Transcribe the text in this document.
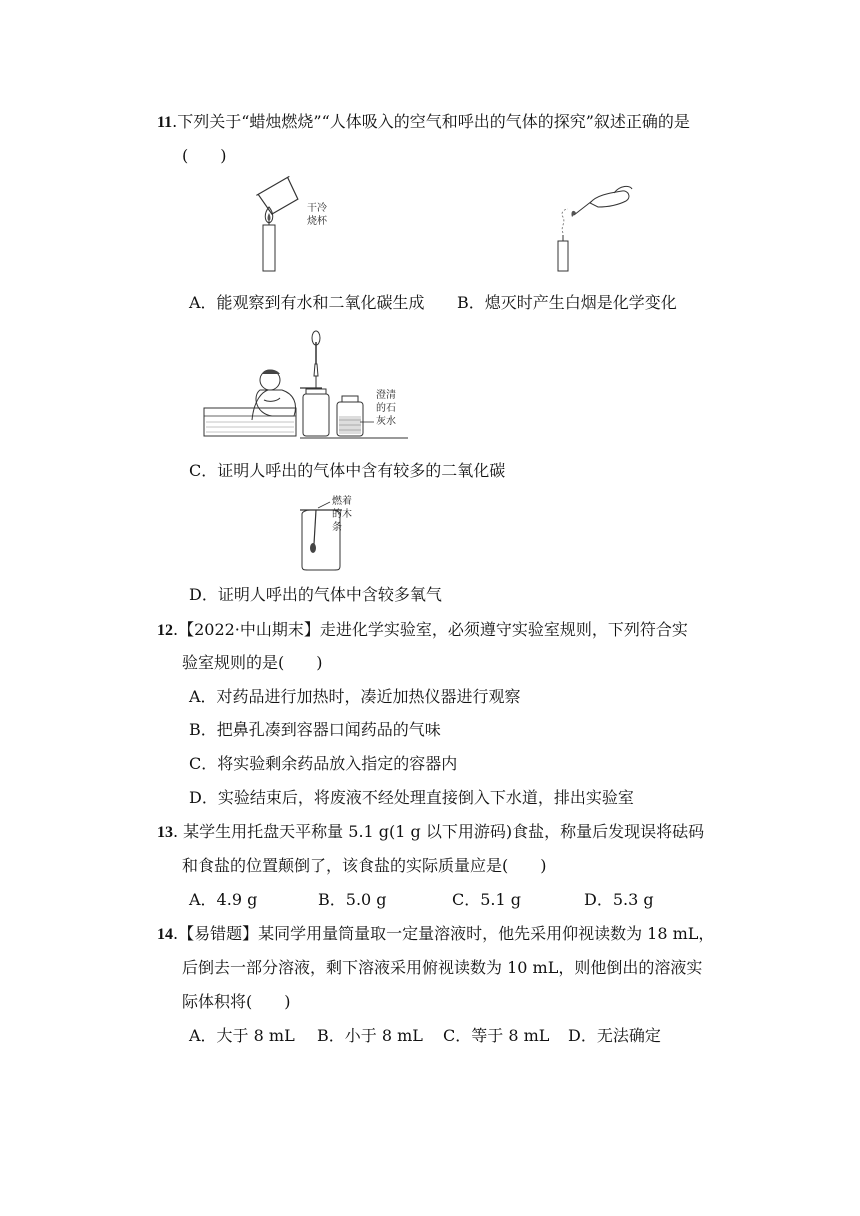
11.下列关于“蜡烛燃烧”“人体吸入的空气和呼出的气体的探究”叙述正确的是
(　　)
干冷
烧杯
A．能观察到有水和二氧化碳生成 B．熄灭时产生白烟是化学变化
澄清
的石
灰水
C．证明人呼出的气体中含有较多的二氧化碳
燃着
的木
条
D．证明人呼出的气体中含较多氧气
12.【2022·中山期末】走进化学实验室，必须遵守实验室规则，下列符合实
验室规则的是(　　)
A．对药品进行加热时，凑近加热仪器进行观察
B．把鼻孔凑到容器口闻药品的气味
C．将实验剩余药品放入指定的容器内
D．实验结束后，将废液不经处理直接倒入下水道，排出实验室
13. 某学生用托盘天平称量 5.1 g(1 g 以下用游码)食盐，称量后发现误将砝码
和食盐的位置颠倒了，该食盐的实际质量应是(　　)
A．4.9 g	B．5.0 g	C．5.1 g	D．5.3 g
14.【易错题】某同学用量筒量取一定量溶液时，他先采用仰视读数为 18 mL，
后倒去一部分溶液，剩下溶液采用俯视读数为 10 mL，则他倒出的溶液实
际体积将(　　)
A．大于 8 mL B．小于 8 mL C．等于 8 mL D．无法确定
